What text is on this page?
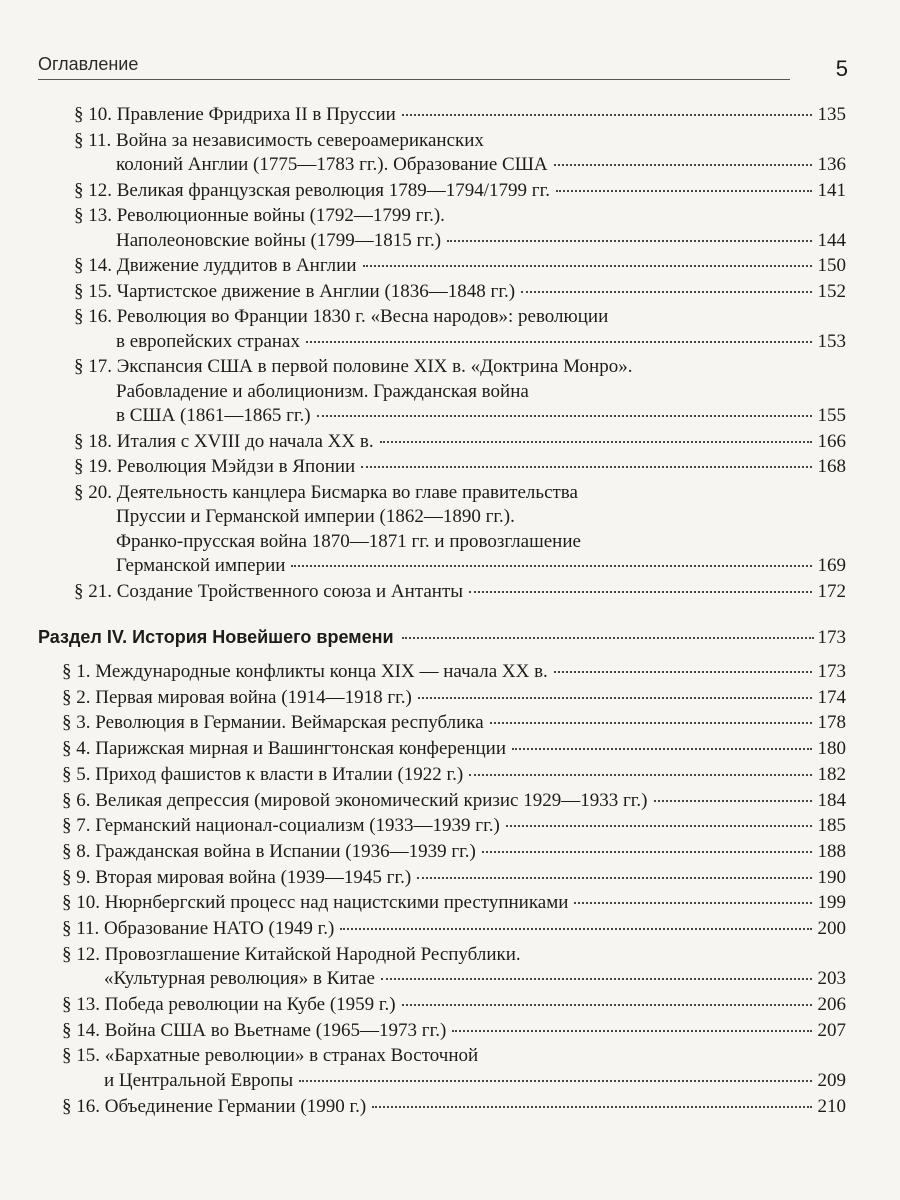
Оглавление	5
§ 10. Правление Фридриха II в Пруссии	135
§ 11. Война за независимость североамериканских
колоний Англии (1775—1783 гг.). Образование США	136
§ 12. Великая французская революция 1789—1794/1799 гг.	141
§ 13. Революционные войны (1792—1799 гг.).
Наполеоновские войны (1799—1815 гг.)	144
§ 14. Движение луддитов в Англии	150
§ 15. Чартистское движение в Англии (1836—1848 гг.)	152
§ 16. Революция во Франции 1830 г. «Весна народов»: революции
в европейских странах	153
§ 17. Экспансия США в первой половине XIX в. «Доктрина Монро».
Рабовладение и аболиционизм. Гражданская война
в США (1861—1865 гг.)	155
§ 18. Италия с XVIII до начала XX в.	166
§ 19. Революция Мэйдзи в Японии	168
§ 20. Деятельность канцлера Бисмарка во главе правительства
Пруссии и Германской империи (1862—1890 гг.).
Франко-прусская война 1870—1871 гг. и провозглашение
Германской империи	169
§ 21. Создание Тройственного союза и Антанты	172
Раздел IV. История Новейшего времени	173
§ 1. Международные конфликты конца XIX — начала XX в.	173
§ 2. Первая мировая война (1914—1918 гг.)	174
§ 3. Революция в Германии. Веймарская республика	178
§ 4. Парижская мирная и Вашингтонская конференции	180
§ 5. Приход фашистов к власти в Италии (1922 г.)	182
§ 6. Великая депрессия (мировой экономический кризис 1929—1933 гг.)	184
§ 7. Германский национал-социализм (1933—1939 гг.)	185
§ 8. Гражданская война в Испании (1936—1939 гг.)	188
§ 9. Вторая мировая война (1939—1945 гг.)	190
§ 10. Нюрнбергский процесс над нацистскими преступниками	199
§ 11. Образование НАТО (1949 г.)	200
§ 12. Провозглашение Китайской Народной Республики.
«Культурная революция» в Китае	203
§ 13. Победа революции на Кубе (1959 г.)	206
§ 14. Война США во Вьетнаме (1965—1973 гг.)	207
§ 15. «Бархатные революции» в странах Восточной
и Центральной Европы	209
§ 16. Объединение Германии (1990 г.)	210
